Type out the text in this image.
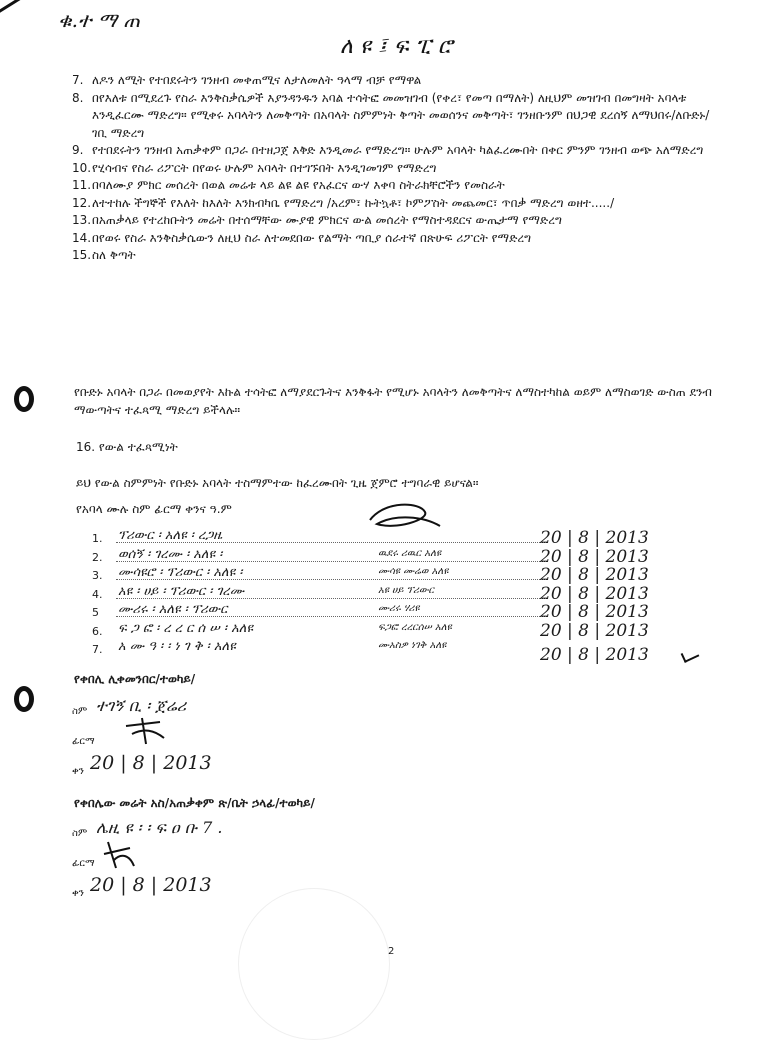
ቁ.ተ ማ ጠ
ለ ዩ ፤ ፍ ፒ ሮ
7. ለዶን ለሚት የተበደሩትን ገንዘብ መቀጠሚና ለታለመለት ዓላማ ብቻ የማዋል
8. በየእለቱ በሚደረጉ የስራ እንቅስቃሴዎች እያንዳንዱን አባል ተሳትፎ መመዝገብ (የቀረ፣ የመጣ በማለት) ለዚህም መዝገብ በመግዛት አባላቱ እንዲፈርሙ ማድረግ። የሚቀሩ አባላትን ለመቅጣት በአባላት ስምምነት ቅጣት መወሰንና መቅጣት፣ ገንዘቡንም በህጋዊ ደረሰኝ ለማህበሩ/ለቡድኑ/ ገቢ ማድረግ
9. የተበደሩትን ገንዘብ አጠቃቀም በጋራ በተዘጋጀ እቅድ እንዲመራ የማድረግ። ሁሉም አባላት ካልፈረሙበት በቀር ምንም ገንዘብ ወጭ አለማድረግ
10. የሂሳብና የስራ ሪፖርት በየወሩ ሁሉም አባላት በተገኙበት እንዲገመገም የማድረግ
11. በባለሙያ ምክር መሰረት በወል መሬቱ ላይ ልዩ ልዩ የአፈርና ውሃ እቀባ ስትራክቸሮችን የመስራት
12. ለተተከሉ ችግኞች የእለት ከእለት እንክብካቤ የማድረግ /አረም፣ ኩትኳቶ፣ ኮምፖስት መጨመር፣ ጥበቃ ማድረግ ወዘተ...../
13. በአጠቃላይ የተረከቡትን መሬት በተሰማቸው ሙያዊ ምክርና ውል መሰረት የማስተዳደርና ውጤታማ የማድረግ
14. በየወሩ የስራ እንቅስቃሴውን ለዚህ ስራ ለተመደበው የልማት ጣቢያ ሰራተኛ በጽሁፍ ሪፖርት የማድረግ
15. ስለ ቅጣት
የቡድኑ አባላት በጋራ በመወያየት እኩል ተሳትፎ ለማያደርጉትና እንቅፋት የሚሆኑ አባላትን ለመቅጣትና ለማስተካከል ወይም ለማስወገድ ውስጠ ደንብ ማውጣትና ተፈጻሚ ማድረግ ይችላሉ።
16. የውል ተፈጻሚነት
ይህ የውል ስምምነት የቡድኑ አባላት ተስማምተው ከፈረሙበት ጊዜ ጀምሮ ተግባራዊ ይሆናል።
የአባላ ሙሉ ስም ፊርማ ቀንና ዓ.ም
1. ፕሪውር ፡ አለዩ ፡ ረጋዜ	20 | 8 | 2013
2. ወሰኝ ፡ ገረሙ ፡ አለዩ ፡	ዉደሩ ሪዉር አለዩ	20 | 8 | 2013
3. ሙሳዩሮ ፡ ፕሪውር ፡ አለዩ ፡	ሙሳዩ ሙሬወ አለዩ	20 | 8 | 2013
4. አዩ ፡ ሀይ ፡ ፕሪውር ፡ ገረሙ	አዩ ሀይ ፕሪውር	20 | 8 | 2013
5 ሙሪሩ ፡ አለዩ ፡ ፕሪውር	ሙሪሩ ሃሪዩ	20 | 8 | 2013
6. ፍ ጋ ፎ ፡ ረ ረ ር ሰ ሠ ፡ አለዩ	ፍጋፎ ረረርሰሠ አለዩ	20 | 8 | 2013
7. አ ሙ ዓ ፡ ፡ ነ ገ ቅ ፡ አለዩ	ሙአስዎ ነገቅ አለዩ	20 | 8 | 2013
የቀበሊ ሊቀመንበር/ተወካይ/
ስም ተገኝ ቢ ፡ ጀሬሪ
ፊርማ
ቀን 20 | 8 | 2013
የቀበሌው መሬት አስ/አጠቃቀም ጽ/ቤት ኃላፊ/ተወካይ/
ስም ሌዚ ዩ ፡ ፡ ፍ ዐ ቡ 7 .
ፊርማ
ቀን 20 | 8 | 2013
2
